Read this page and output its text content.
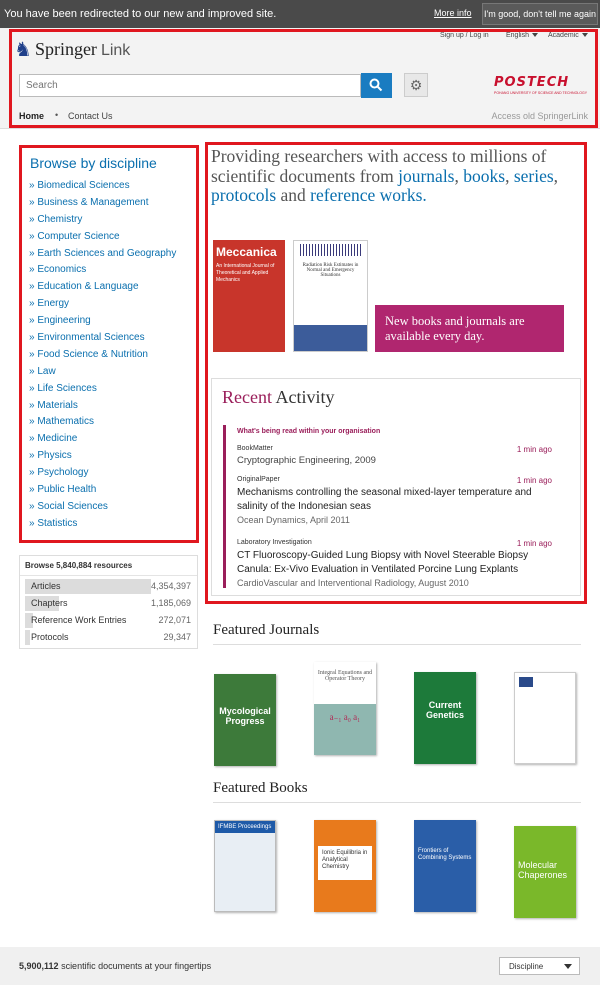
You have been redirected to our new and improved site.	More info I'm good, don't tell me again
♞ Springer Link
Sign up / Log in English	Academic
Search
⚙	POSTECH
POHANG UNIVERSITY OF SCIENCE AND TECHNOLOGY
Home • Contact Us	Access old SpringerLink
Browse by discipline
» Biomedical Sciences
» Business & Management
» Chemistry
» Computer Science
» Earth Sciences and Geography
» Economics
» Education & Language
» Energy
» Engineering
» Environmental Sciences
» Food Science & Nutrition
» Law
» Life Sciences
» Materials
» Mathematics
» Medicine
» Physics
» Psychology
» Public Health
» Social Sciences
» Statistics
Browse 5,840,884 resources
Articles	4,354,397
Chapters	1,185,069
Reference Work Entries	272,071
Protocols	29,347
Providing researchers with access to millions of scientific documents from journals, books, series, protocols and reference works.
Meccanica
An International Journal of Theoretical and Applied Mechanics
Radiation Risk Estimates in Normal and Emergency Situations
New books and journals are available every day.
Recent Activity
What's being read within your organisation
BookMatter	1 min ago
Cryptographic Engineering, 2009
OriginalPaper	1 min ago
Mechanisms controlling the seasonal mixed-layer temperature and salinity of the Indonesian seas
Ocean Dynamics, April 2011
Laboratory Investigation	1 min ago
CT Fluoroscopy-Guided Lung Biopsy with Novel Steerable Biopsy Canula: Ex-Vivo Evaluation in Ventilated Porcine Lung Explants
CardioVascular and Interventional Radiology, August 2010
Featured Journals
Mycological Progress
Integral Equations and Operator Theory
a₋₁ a₀ a₁
Current Genetics
Featured Books
IFMBE Proceedings
Ionic Equilibria in Analytical Chemistry
Frontiers of Combining Systems
Molecular Chaperones
5,900,112 scientific documents at your fingertips	Discipline
